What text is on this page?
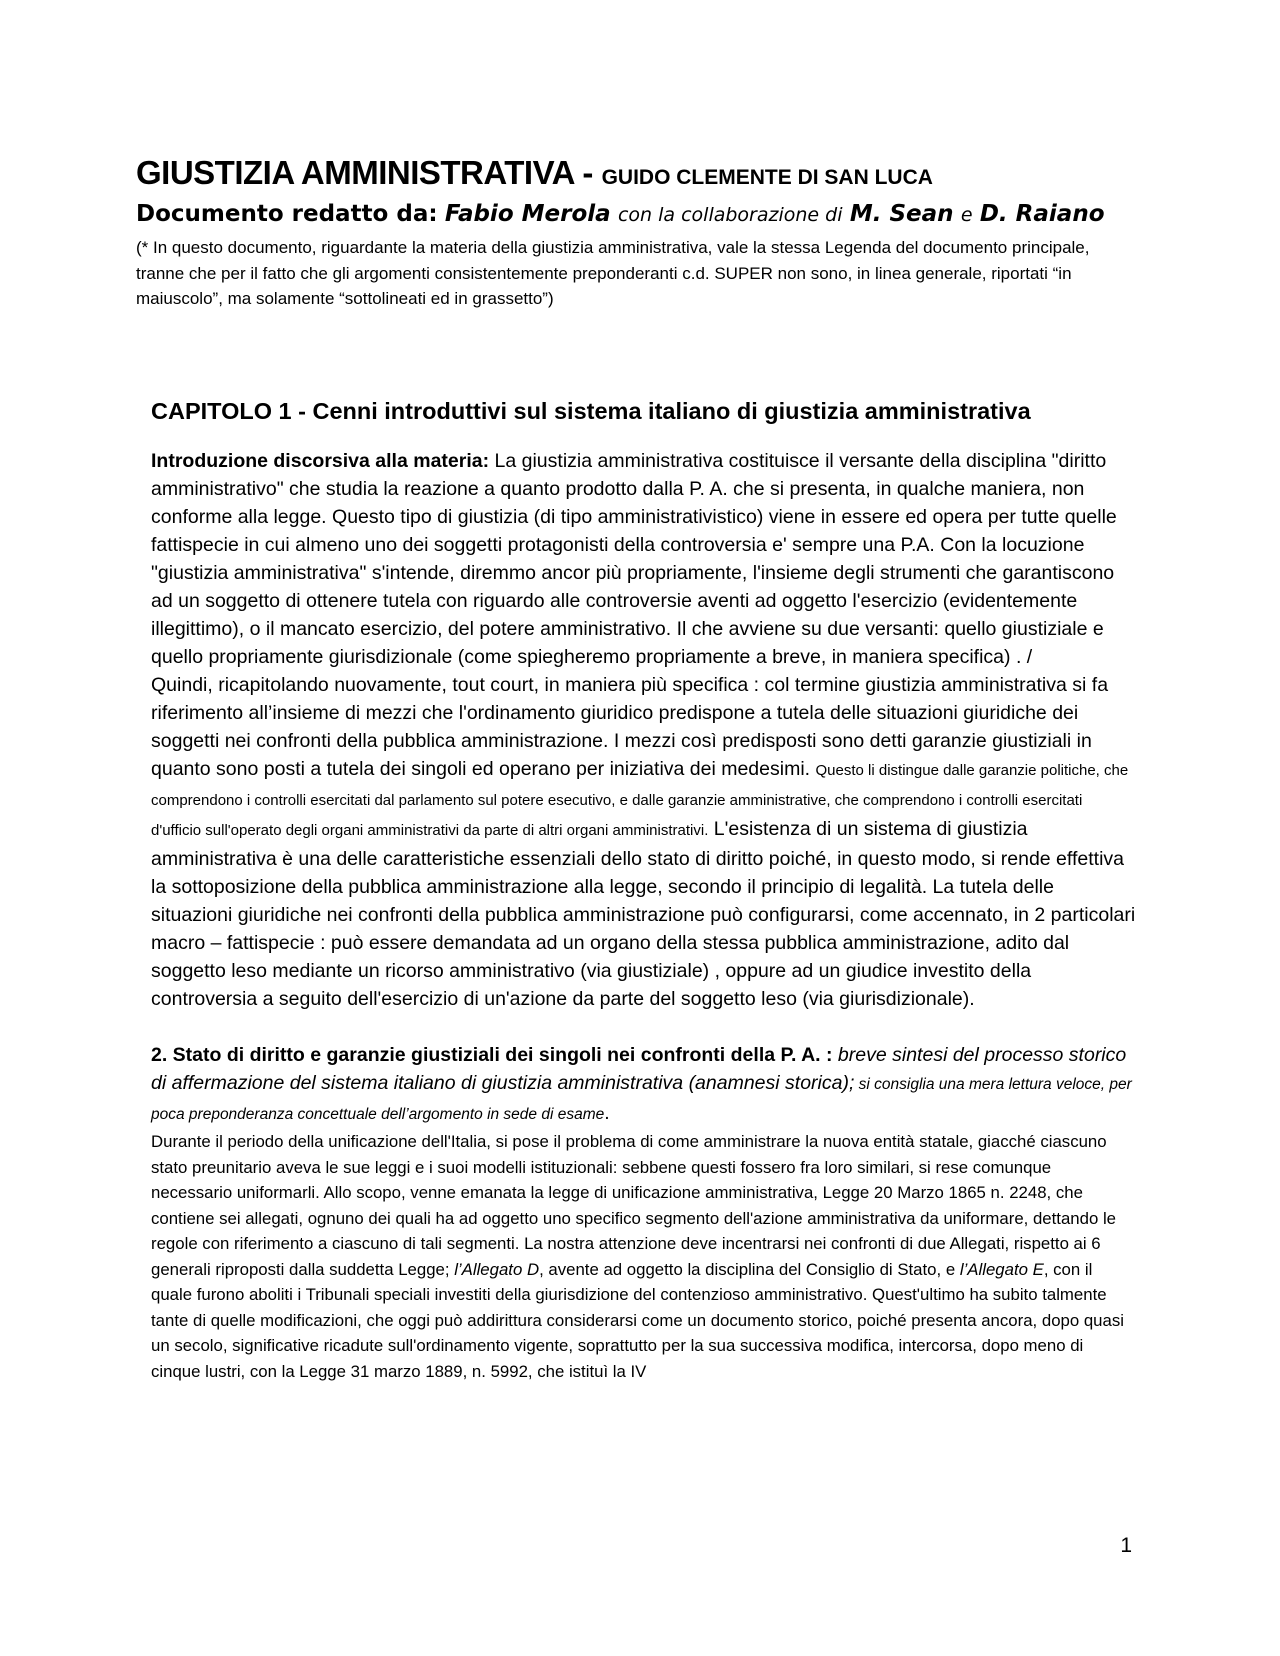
GIUSTIZIA AMMINISTRATIVA - GUIDO CLEMENTE DI SAN LUCA
Documento redatto da: Fabio Merola con la collaborazione di M. Sean e D. Raiano
(* In questo documento, riguardante la materia della giustizia amministrativa, vale la stessa Legenda del documento principale, tranne che per il fatto che gli argomenti consistentemente preponderanti c.d. SUPER non sono, in linea generale, riportati “in maiuscolo”, ma solamente “sottolineati ed in grassetto”)
CAPITOLO 1 - Cenni introduttivi sul sistema italiano di giustizia amministrativa

Introduzione discorsiva alla materia: La giustizia amministrativa costituisce il versante della disciplina "diritto amministrativo" che studia la reazione a quanto prodotto dalla P. A. che si presenta, in qualche maniera, non conforme alla legge. Questo tipo di giustizia (di tipo amministrativistico) viene in essere ed opera per tutte quelle fattispecie in cui almeno uno dei soggetti protagonisti della controversia e' sempre una P.A. Con la locuzione "giustizia amministrativa" s'intende, diremmo ancor più propriamente, l'insieme degli strumenti che garantiscono ad un soggetto di ottenere tutela con riguardo alle controversie aventi ad oggetto l'esercizio (evidentemente illegittimo), o il mancato esercizio, del potere amministrativo. Il che avviene su due versanti: quello giustiziale e quello propriamente giurisdizionale (come spiegheremo propriamente a breve, in maniera specifica) . /

Quindi, ricapitolando nuovamente, tout court, in maniera più specifica : col termine giustizia amministrativa si fa riferimento all’insieme di mezzi che l'ordinamento giuridico predispone a tutela delle situazioni giuridiche dei soggetti nei confronti della pubblica amministrazione. I mezzi così predisposti sono detti garanzie giustiziali in quanto sono posti a tutela dei singoli ed operano per iniziativa dei medesimi. Questo li distingue dalle garanzie politiche, che comprendono i controlli esercitati dal parlamento sul potere esecutivo, e dalle garanzie amministrative, che comprendono i controlli esercitati d'ufficio sull'operato degli organi amministrativi da parte di altri organi amministrativi. L'esistenza di un sistema di giustizia amministrativa è una delle caratteristiche essenziali dello stato di diritto poiché, in questo modo, si rende effettiva la sottoposizione della pubblica amministrazione alla legge, secondo il principio di legalità. La tutela delle situazioni giuridiche nei confronti della pubblica amministrazione può configurarsi, come accennato, in 2 particolari macro – fattispecie : può essere demandata ad un organo della stessa pubblica amministrazione, adito dal soggetto leso mediante un ricorso amministrativo (via giustiziale) , oppure ad un giudice investito della controversia a seguito dell'esercizio di un'azione da parte del soggetto leso (via giurisdizionale).

2. Stato di diritto e garanzie giustiziali dei singoli nei confronti della P. A. : breve sintesi del processo storico di affermazione del sistema italiano di giustizia amministrativa (anamnesi storica); si consiglia una mera lettura veloce, per poca preponderanza concettuale dell’argomento in sede di esame.

Durante il periodo della unificazione dell'Italia, si pose il problema di come amministrare la nuova entità statale, giacché ciascuno stato preunitario aveva le sue leggi e i suoi modelli istituzionali: sebbene questi fossero fra loro similari, si rese comunque necessario uniformarli. Allo scopo, venne emanata la legge di unificazione amministrativa, Legge 20 Marzo 1865 n. 2248, che contiene sei allegati, ognuno dei quali ha ad oggetto uno specifico segmento dell'azione amministrativa da uniformare, dettando le regole con riferimento a ciascuno di tali segmenti. La nostra attenzione deve incentrarsi nei confronti di due Allegati, rispetto ai 6 generali riproposti dalla suddetta Legge; l’Allegato D, avente ad oggetto la disciplina del Consiglio di Stato, e l’Allegato E, con il quale furono aboliti i Tribunali speciali investiti della giurisdizione del contenzioso amministrativo. Quest'ultimo ha subito talmente tante di quelle modificazioni, che oggi può addirittura considerarsi come un documento storico, poiché presenta ancora, dopo quasi un secolo, significative ricadute sull'ordinamento vigente, soprattutto per la sua successiva modifica, intercorsa, dopo meno di cinque lustri, con la Legge 31 marzo 1889, n. 5992, che istituì la IV

1
